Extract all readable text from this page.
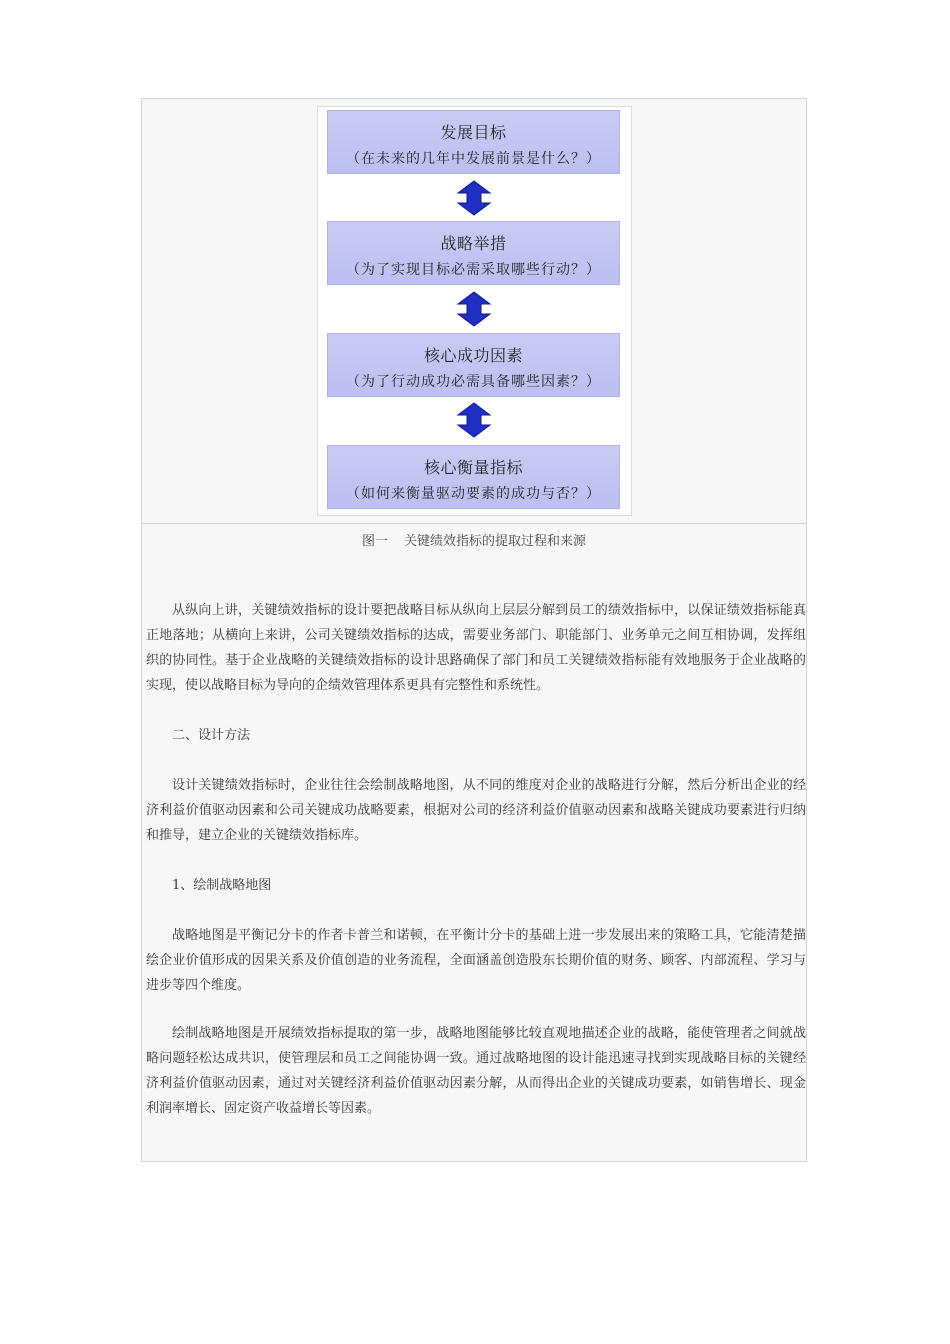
发展目标
（在未来的几年中发展前景是什么？）
战略举措
（为了实现目标必需采取哪些行动？）
核心成功因素
（为了行动成功必需具备哪些因素？）
核心衡量指标
（如何来衡量驱动要素的成功与否？）
图一 关键绩效指标的提取过程和来源

从纵向上讲，关键绩效指标的设计要把战略目标从纵向上层层分解到员工的绩效指标中，以保证绩效指标能真正地落地；从横向上来讲，公司关键绩效指标的达成，需要业务部门、职能部门、业务单元之间互相协调，发挥组织的协同性。基于企业战略的关键绩效指标的设计思路确保了部门和员工关键绩效指标能有效地服务于企业战略的实现，使以战略目标为导向的企绩效管理体系更具有完整性和系统性。

二、设计方法

设计关键绩效指标时，企业往往会绘制战略地图，从不同的维度对企业的战略进行分解，然后分析出企业的经济利益价值驱动因素和公司关键成功战略要素，根据对公司的经济利益价值驱动因素和战略关键成功要素进行归纳和推导，建立企业的关键绩效指标库。

1、绘制战略地图

战略地图是平衡记分卡的作者卡普兰和诺顿，在平衡计分卡的基础上进一步发展出来的策略工具，它能清楚描绘企业价值形成的因果关系及价值创造的业务流程，全面涵盖创造股东长期价值的财务、顾客、内部流程、学习与进步等四个维度。

绘制战略地图是开展绩效指标提取的第一步，战略地图能够比较直观地描述企业的战略，能使管理者之间就战略问题轻松达成共识，使管理层和员工之间能协调一致。通过战略地图的设计能迅速寻找到实现战略目标的关键经济利益价值驱动因素，通过对关键经济利益价值驱动因素分解，从而得出企业的关键成功要素，如销售增长、现金利润率增长、固定资产收益增长等因素。
